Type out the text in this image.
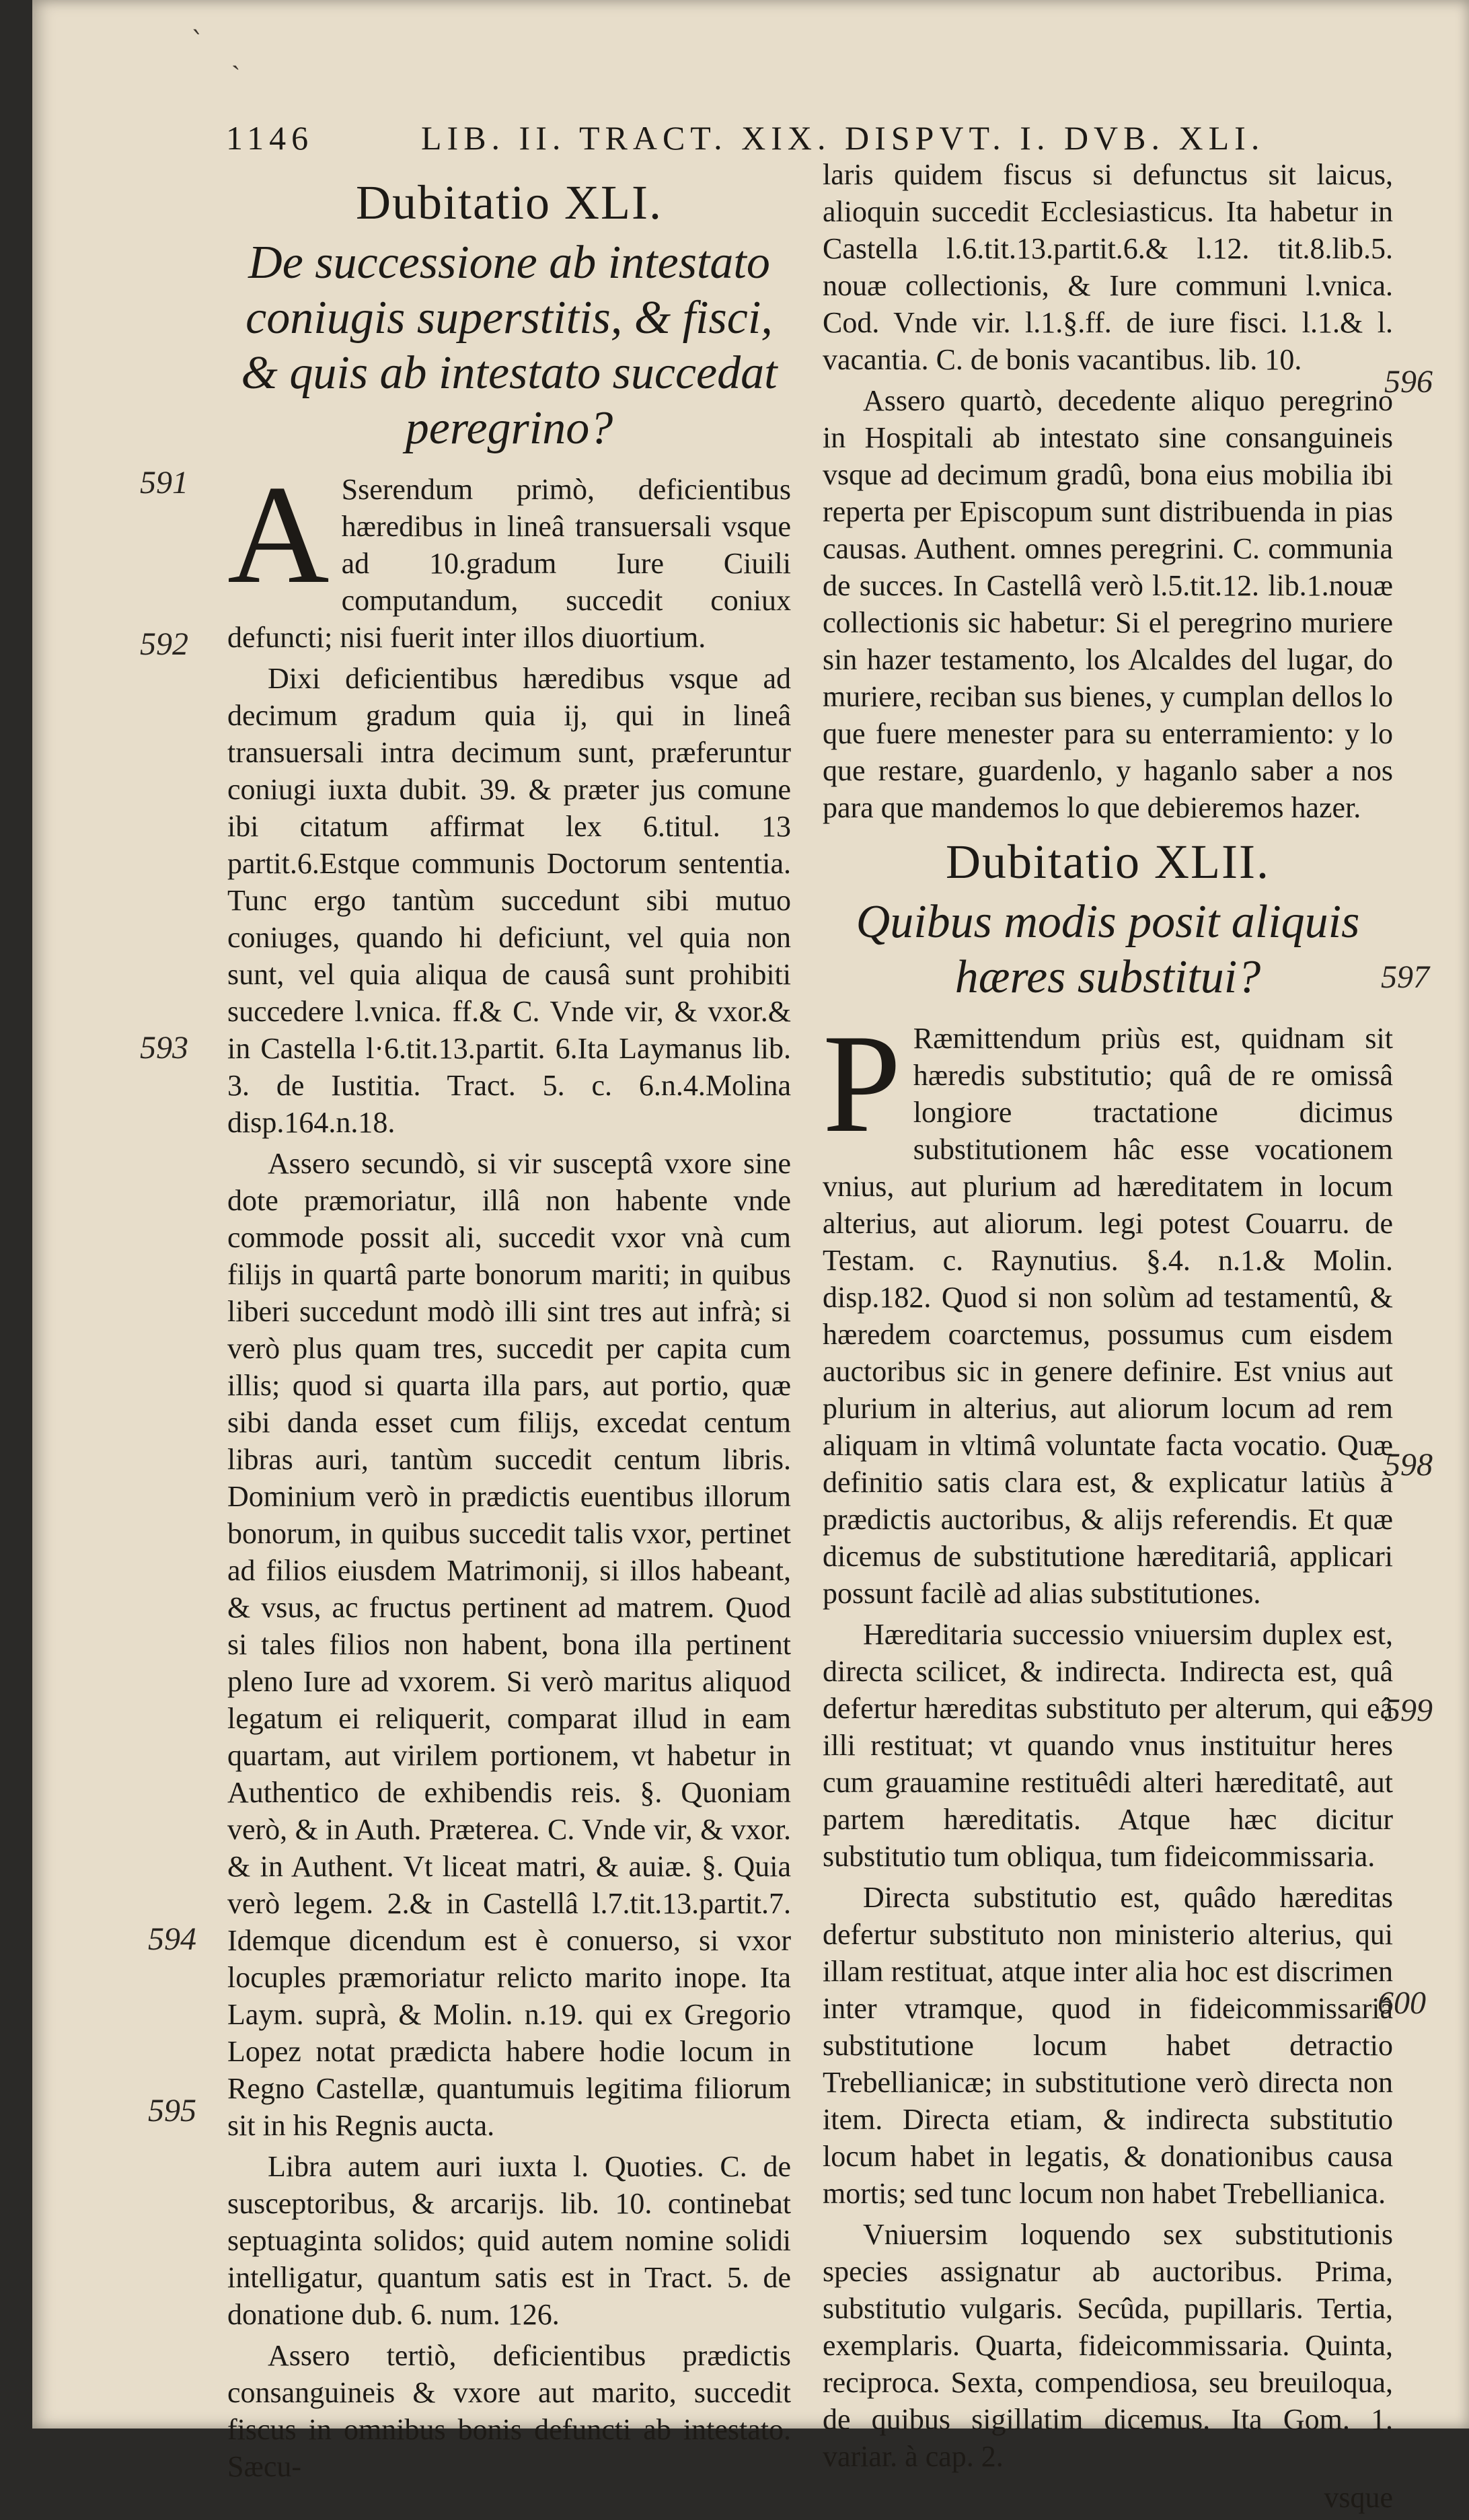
ˋ ˎ
1146	LIB. II. TRACT. XIX. DISPVT. I. DVB. XLI.
591
592
593
594
595
596
597
598
599
600
Dubitatio XLI.
De successione ab intestato coniugis superstitis, & fisci, & quis ab intestato succedat peregrino?

A Sserendum primò, deficientibus hæredibus in lineâ transuersali vsque ad 10.gradum Iure Ciuili computandum, succedit coniux defuncti; nisi fuerit inter illos diuortium.

Dixi deficientibus hæredibus vsque ad decimum gradum quia ij, qui in lineâ transuersali intra decimum sunt, præferuntur coniugi iuxta dubit. 39. & præter jus comune ibi citatum affirmat lex 6.titul. 13 partit.6.Estque communis Doctorum sententia. Tunc ergo tantùm succedunt sibi mutuo coniuges, quando hi deficiunt, vel quia non sunt, vel quia aliqua de causâ sunt prohibiti succedere l.vnica. ff.& C. Vnde vir, & vxor.& in Castella l·6.tit.13.partit. 6.Ita Laymanus lib. 3. de Iustitia. Tract. 5. c. 6.n.4.Molina disp.164.n.18.

Assero secundò, si vir susceptâ vxore sine dote præmoriatur, illâ non habente vnde commode possit ali, succedit vxor vnà cum filijs in quartâ parte bonorum mariti; in quibus liberi succedunt modò illi sint tres aut infrà; si verò plus quam tres, succedit per capita cum illis; quod si quarta illa pars, aut portio, quæ sibi danda esset cum filijs, excedat centum libras auri, tantùm succedit centum libris. Dominium verò in prædictis euentibus illorum bonorum, in quibus succedit talis vxor, pertinet ad filios eiusdem Matrimonij, si illos habeant, & vsus, ac fructus pertinent ad matrem. Quod si tales filios non habent, bona illa pertinent pleno Iure ad vxorem. Si verò maritus aliquod legatum ei reliquerit, comparat illud in eam quartam, aut virilem portionem, vt habetur in Authentico de exhibendis reis. §. Quoniam verò, & in Auth. Præterea. C. Vnde vir, & vxor. & in Authent. Vt liceat matri, & auiæ. §. Quia verò legem. 2.& in Castellâ l.7.tit.13.partit.7. Idemque dicendum est è conuerso, si vxor locuples præmoriatur relicto marito inope. Ita Laym. suprà, & Molin. n.19. qui ex Gregorio Lopez notat prædicta habere hodie locum in Regno Castellæ, quantumuis legitima filiorum sit in his Regnis aucta.

Libra autem auri iuxta l. Quoties. C. de susceptoribus, & arcarijs. lib. 10. continebat septuaginta solidos; quid autem nomine solidi intelligatur, quantum satis est in Tract. 5. de donatione dub. 6. num. 126.

Assero tertiò, deficientibus prædictis consanguineis & vxore aut marito, succedit fiscus in omnibus bonis defuncti ab intestato. Sæcu-

laris quidem fiscus si defunctus sit laicus, alioquin succedit Ecclesiasticus. Ita habetur in Castella l.6.tit.13.partit.6.& l.12. tit.8.lib.5. nouæ collectionis, & Iure communi l.vnica. Cod. Vnde vir. l.1.§.ff. de iure fisci. l.1.& l. vacantia. C. de bonis vacantibus. lib. 10.

Assero quartò, decedente aliquo peregrino in Hospitali ab intestato sine consanguineis vsque ad decimum gradû, bona eius mobilia ibi reperta per Episcopum sunt distribuenda in pias causas. Authent. omnes peregrini. C. communia de succes. In Castellâ verò l.5.tit.12. lib.1.nouæ collectionis sic habetur: Si el peregrino muriere sin hazer testamento, los Alcaldes del lugar, do muriere, reciban sus bienes, y cumplan dellos lo que fuere menester para su enterramiento: y lo que restare, guardenlo, y haganlo saber a nos para que mandemos lo que debieremos hazer.

Dubitatio XLII.
Quibus modis posit aliquis hæres substitui?

P Ræmittendum priùs est, quidnam sit hæredis substitutio; quâ de re omissâ longiore tractatione dicimus substitutionem hâc esse vocationem vnius, aut plurium ad hæreditatem in locum alterius, aut aliorum. legi potest Couarru. de Testam. c. Raynutius. §.4. n.1.& Molin. disp.182. Quod si non solùm ad testamentû, & hæredem coarctemus, possumus cum eisdem auctoribus sic in genere definire. Est vnius aut plurium in alterius, aut aliorum locum ad rem aliquam in vltimâ voluntate facta vocatio. Quæ definitio satis clara est, & explicatur latiùs à prædictis auctoribus, & alijs referendis. Et quæ dicemus de substitutione hæreditariâ, applicari possunt facilè ad alias substitutiones.

Hæreditaria successio vniuersim duplex est, directa scilicet, & indirecta. Indirecta est, quâ defertur hæreditas substituto per alterum, qui eâ illi restituat; vt quando vnus instituitur heres cum grauamine restituêdi alteri hæreditatê, aut partem hæreditatis. Atque hæc dicitur substitutio tum obliqua, tum fideicommissaria.

Directa substitutio est, quâdo hæreditas defertur substituto non ministerio alterius, qui illam restituat, atque inter alia hoc est discrimen inter vtramque, quod in fideicommissariâ substitutione locum habet detractio Trebellianicæ; in substitutione verò directa non item. Directa etiam, & indirecta substitutio locum habet in legatis, & donationibus causa mortis; sed tunc locum non habet Trebellianica.

Vniuersim loquendo sex substitutionis species assignatur ab auctoribus. Prima, substitutio vulgaris. Secûda, pupillaris. Tertia, exemplaris. Quarta, fideicommissaria. Quinta, reciproca. Sexta, compendiosa, seu breuiloqua, de quibus sigillatim dicemus. Ita Gom. 1. variar. à cap. 2.

vsque
